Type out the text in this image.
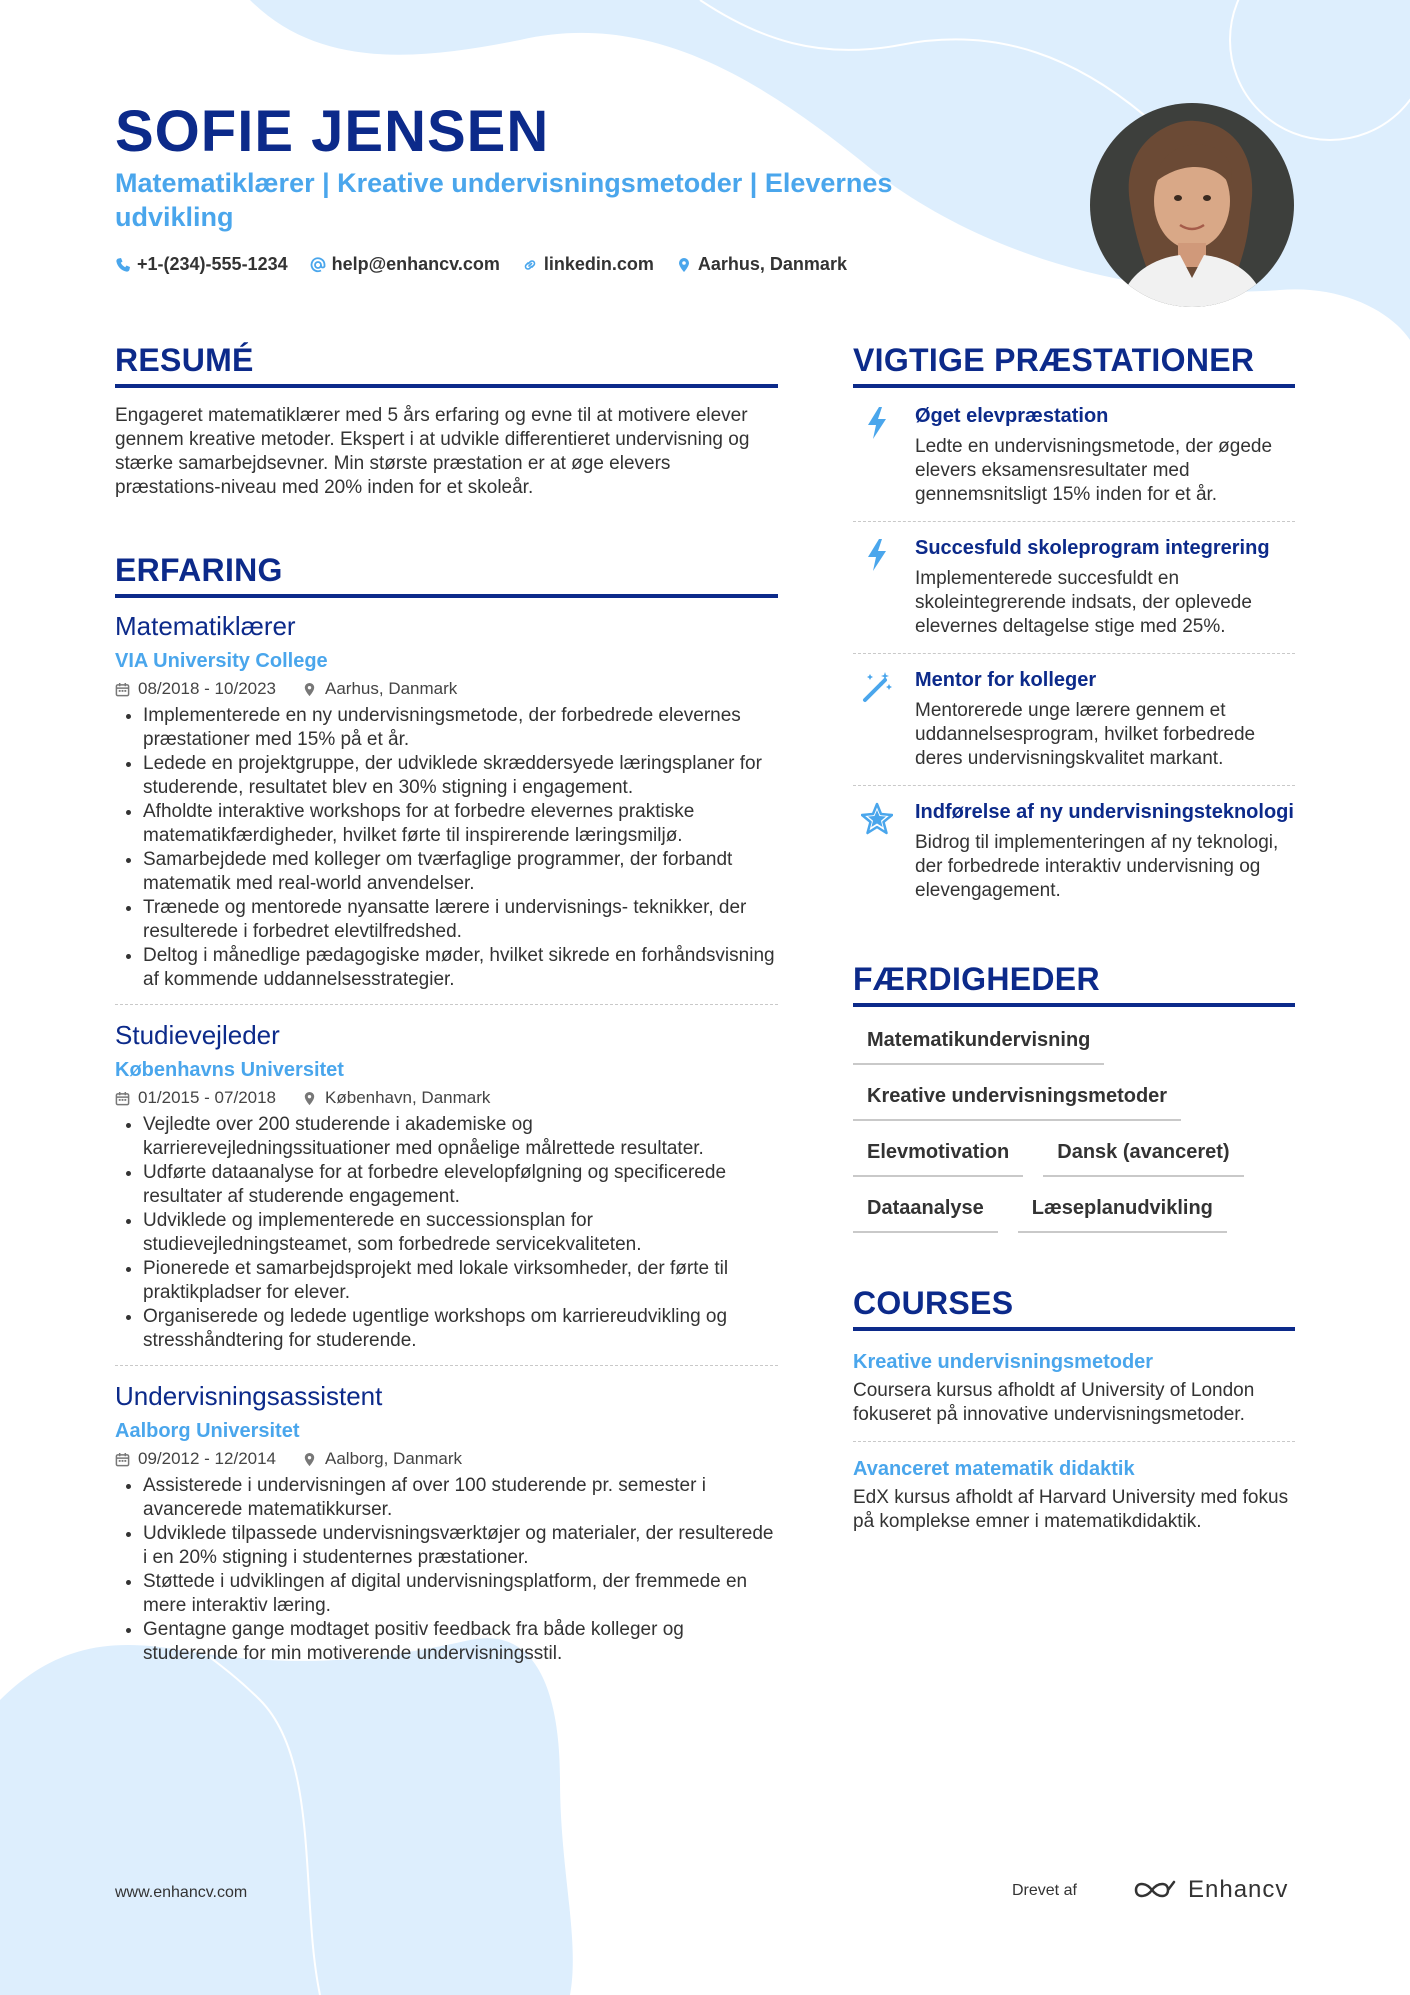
SOFIE JENSEN
Matematiklærer | Kreative undervisningsmetoder | Elevernes udvikling
+1-(234)-555-1234 help@enhancv.com linkedin.com Aarhus, Danmark
RESUMÉ
Engageret matematiklærer med 5 års erfaring og evne til at motivere elever gennem kreative metoder. Ekspert i at udvikle differentieret undervisning og stærke samarbejdsevner. Min største præstation er at øge elevers præstations-niveau med 20% inden for et skoleår.
ERFARING
Matematiklærer
VIA University College
08/2018 - 10/2023	Aarhus, Danmark
• Implementerede en ny undervisningsmetode, der forbedrede elevernes præstationer med 15% på et år.
• Ledede en projektgruppe, der udviklede skræddersyede læringsplaner for studerende, resultatet blev en 30% stigning i engagement.
• Afholdte interaktive workshops for at forbedre elevernes praktiske matematikfærdigheder, hvilket førte til inspirerende læringsmiljø.
• Samarbejdede med kolleger om tværfaglige programmer, der forbandt matematik med real-world anvendelser.
• Trænede og mentorede nyansatte lærere i undervisnings- teknikker, der resulterede i forbedret elevtilfredshed.
• Deltog i månedlige pædagogiske møder, hvilket sikrede en forhåndsvisning af kommende uddannelsesstrategier.
Studievejleder
Københavns Universitet
01/2015 - 07/2018	København, Danmark
• Vejledte over 200 studerende i akademiske og karrierevejledningssituationer med opnåelige målrettede resultater.
• Udførte dataanalyse for at forbedre elevelopfølgning og specificerede resultater af studerende engagement.
• Udviklede og implementerede en successionsplan for studievejledningsteamet, som forbedrede servicekvaliteten.
• Pionerede et samarbejdsprojekt med lokale virksomheder, der førte til praktikpladser for elever.
• Organiserede og ledede ugentlige workshops om karriereudvikling og stresshåndtering for studerende.
Undervisningsassistent
Aalborg Universitet
09/2012 - 12/2014	Aalborg, Danmark
• Assisterede i undervisningen af over 100 studerende pr. semester i avancerede matematikkurser.
• Udviklede tilpassede undervisningsværktøjer og materialer, der resulterede i en 20% stigning i studenternes præstationer.
• Støttede i udviklingen af digital undervisningsplatform, der fremmede en mere interaktiv læring.
• Gentagne gange modtaget positiv feedback fra både kolleger og studerende for min motiverende undervisningsstil.
VIGTIGE PRÆSTATIONER
Øget elevpræstation
Ledte en undervisningsmetode, der øgede elevers eksamensresultater med gennemsnitsligt 15% inden for et år.
Succesfuld skoleprogram integrering
Implementerede succesfuldt en skoleintegrerende indsats, der oplevede elevernes deltagelse stige med 25%.
Mentor for kolleger
Mentorerede unge lærere gennem et uddannelsesprogram, hvilket forbedrede deres undervisningskvalitet markant.
Indførelse af ny undervisningsteknologi
Bidrog til implementeringen af ny teknologi, der forbedrede interaktiv undervisning og elevengagement.
FÆRDIGHEDER
Matematikundervisning
Kreative undervisningsmetoder
Elevmotivation	Dansk (avanceret)
Dataanalyse	Læseplanudvikling
COURSES
Kreative undervisningsmetoder
Coursera kursus afholdt af University of London fokuseret på innovative undervisningsmetoder.
Avanceret matematik didaktik
EdX kursus afholdt af Harvard University med fokus på komplekse emner i matematikdidaktik.
www.enhancv.com	Drevet af	Enhancv
